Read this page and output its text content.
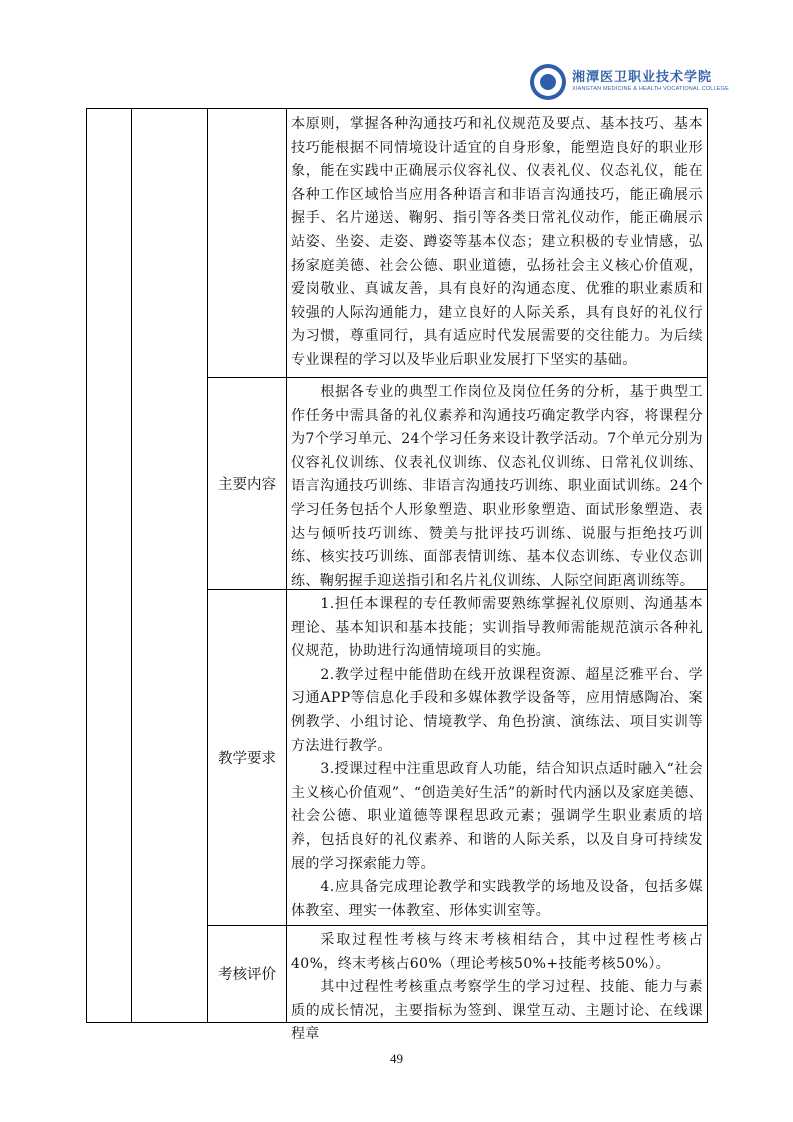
湘潭医卫职业技术学院
XIANGTAN MEDICINE & HEALTH VOCATIONAL COLLEGE

本原则，掌握各种沟通技巧和礼仪规范及要点、基本技巧、基本技巧能根据不同情境设计适宜的自身形象，能塑造良好的职业形象，能在实践中正确展示仪容礼仪、仪表礼仪、仪态礼仪，能在各种工作区域恰当应用各种语言和非语言沟通技巧，能正确展示握手、名片递送、鞠躬、指引等各类日常礼仪动作，能正确展示站姿、坐姿、走姿、蹲姿等基本仪态；建立积极的专业情感，弘扬家庭美德、社会公德、职业道德，弘扬社会主义核心价值观，爱岗敬业、真诚友善，具有良好的沟通态度、优雅的职业素质和较强的人际沟通能力，建立良好的人际关系，具有良好的礼仪行为习惯，尊重同行，具有适应时代发展需要的交往能力。为后续专业课程的学习以及毕业后职业发展打下坚实的基础。

主要内容

根据各专业的典型工作岗位及岗位任务的分析，基于典型工作任务中需具备的礼仪素养和沟通技巧确定教学内容，将课程分为7个学习单元、24个学习任务来设计教学活动。7个单元分别为仪容礼仪训练、仪表礼仪训练、仪态礼仪训练、日常礼仪训练、语言沟通技巧训练、非语言沟通技巧训练、职业面试训练。24个学习任务包括个人形象塑造、职业形象塑造、面试形象塑造、表达与倾听技巧训练、赞美与批评技巧训练、说服与拒绝技巧训练、核实技巧训练、面部表情训练、基本仪态训练、专业仪态训练、鞠躬握手迎送指引和名片礼仪训练、人际空间距离训练等。

教学要求

1.担任本课程的专任教师需要熟练掌握礼仪原则、沟通基本理论、基本知识和基本技能；实训指导教师需能规范演示各种礼仪规范，协助进行沟通情境项目的实施。

2.教学过程中能借助在线开放课程资源、超星泛雅平台、学习通APP等信息化手段和多媒体教学设备等，应用情感陶冶、案例教学、小组讨论、情境教学、角色扮演、演练法、项目实训等方法进行教学。

3.授课过程中注重思政育人功能，结合知识点适时融入“社会主义核心价值观”、“创造美好生活”的新时代内涵以及家庭美德、社会公德、职业道德等课程思政元素；强调学生职业素质的培养，包括良好的礼仪素养、和谐的人际关系，以及自身可持续发展的学习探索能力等。

4.应具备完成理论教学和实践教学的场地及设备，包括多媒体教室、理实一体教室、形体实训室等。

考核评价

采取过程性考核与终末考核相结合，其中过程性考核占40%，终末考核占60%（理论考核50%+技能考核50%）。

其中过程性考核重点考察学生的学习过程、技能、能力与素质的成长情况，主要指标为签到、课堂互动、主题讨论、在线课程章

49
